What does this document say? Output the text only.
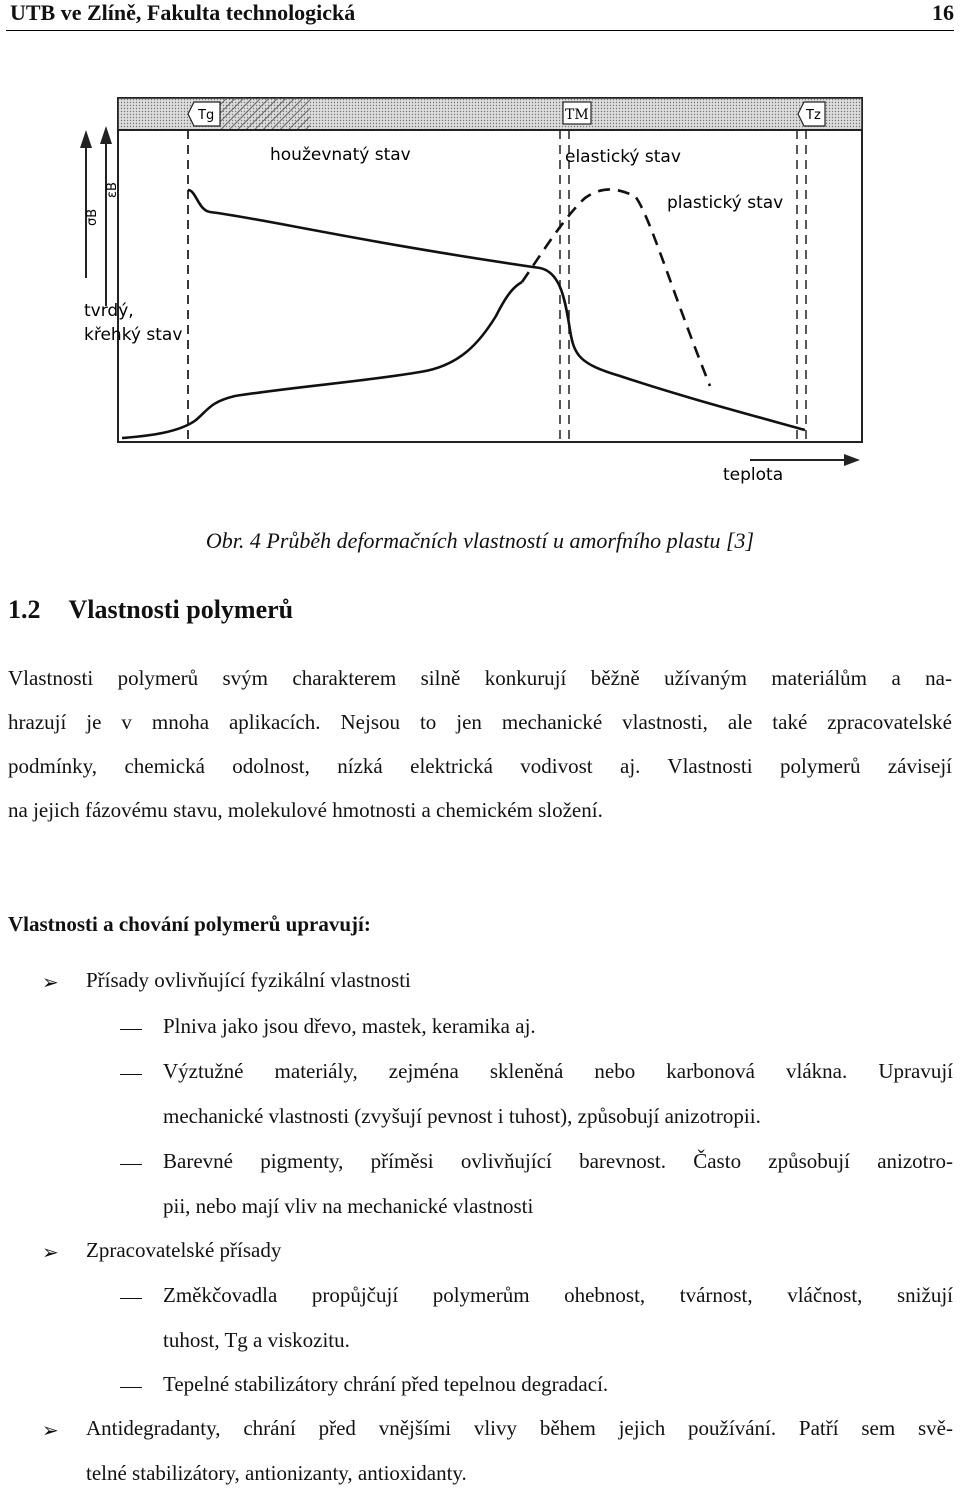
UTB ve Zlíně, Fakulta technologická	16
Tg	TM	Tz
houževnatý stav	elastický stav
plastický stav
tvrdý,
křehký stav
σB
εB
teplota
Obr. 4 Průběh deformačních vlastností u amorfního plastu [3]
1.2 Vlastnosti polymerů
Vlastnosti polymerů svým charakterem silně konkurují běžně užívaným materiálům a na-
hrazují je v mnoha aplikacích. Nejsou to jen mechanické vlastnosti, ale také zpracovatelské
podmínky, chemická odolnost, nízká elektrická vodivost aj. Vlastnosti polymerů závisejí
na jejich fázovému stavu, molekulové hmotnosti a chemickém složení.
Vlastnosti a chování polymerů upravují:
➢ Přísady ovlivňující fyzikální vlastnosti
Plniva jako jsou dřevo, mastek, keramika aj.
Výztužné materiály, zejména skleněná nebo karbonová vlákna. Upravují
mechanické vlastnosti (zvyšují pevnost i tuhost), způsobují anizotropii.
Barevné pigmenty, příměsi ovlivňující barevnost. Často způsobují anizotro-
pii, nebo mají vliv na mechanické vlastnosti
➢ Zpracovatelské přísady
Změkčovadla propůjčují polymerům ohebnost, tvárnost, vláčnost, snižují
tuhost, Tg a viskozitu.
Tepelné stabilizátory chrání před tepelnou degradací.
➢ Antidegradanty, chrání před vnějšími vlivy během jejich používání. Patří sem svě-
telné stabilizátory, antionizanty, antioxidanty.
